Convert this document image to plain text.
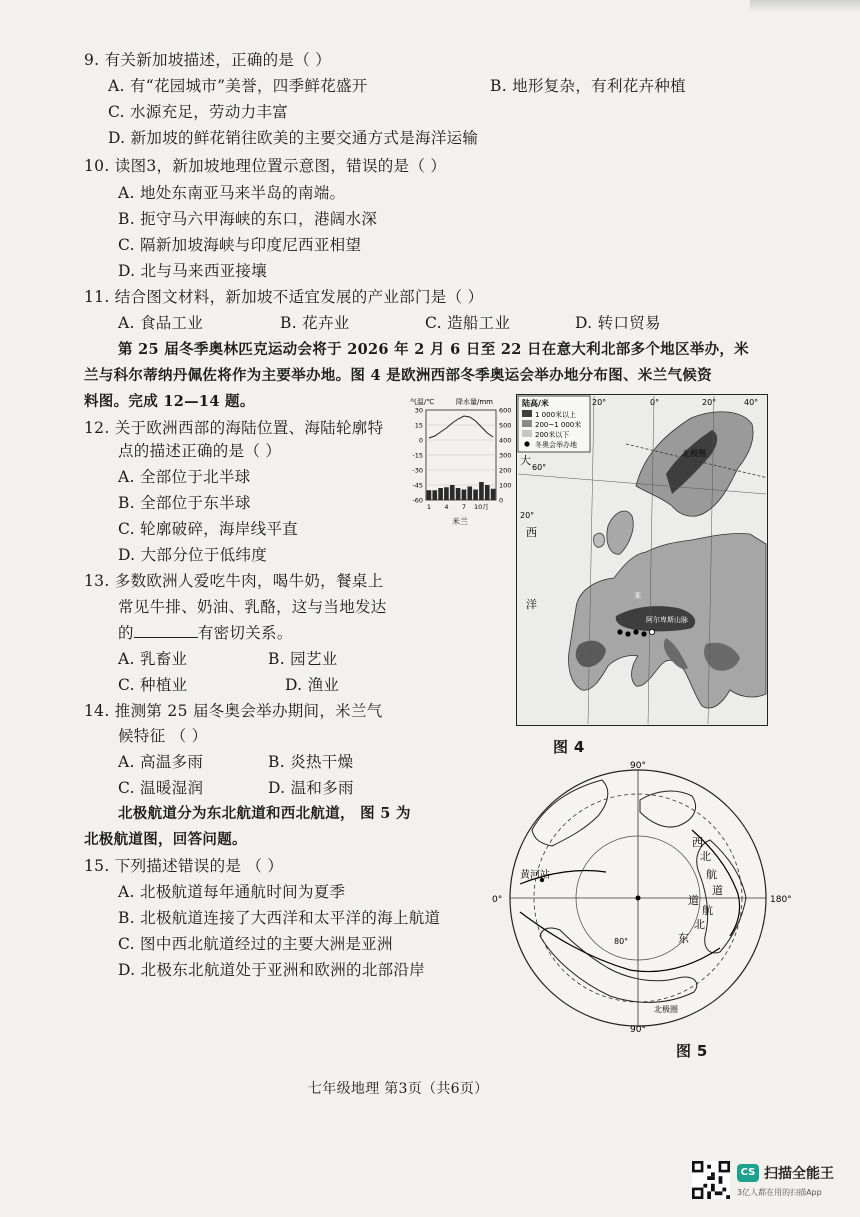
9. 有关新加坡描述，正确的是（ ）
A. 有“花园城市”美誉，四季鲜花盛开	B. 地形复杂，有利花卉种植
C. 水源充足，劳动力丰富
D. 新加坡的鲜花销往欧美的主要交通方式是海洋运输
10. 读图3，新加坡地理位置示意图，错误的是（ ）
A. 地处东南亚马来半岛的南端。
B. 扼守马六甲海峡的东口，港阔水深
C. 隔新加坡海峡与印度尼西亚相望
D. 北与马来西亚接壤
11. 结合图文材料，新加坡不适宜发展的产业部门是（ ）
A. 食品工业	B. 花卉业	C. 造船工业	D. 转口贸易
第 25 届冬季奥林匹克运动会将于 2026 年 2 月 6 日至 22 日在意大利北部多个地区举办，米
兰与科尔蒂纳丹佩佐将作为主要举办地。图 4 是欧洲西部冬季奥运会举办地分布图、米兰气候资
料图。完成 12—14 题。
12. 关于欧洲西部的海陆位置、海陆轮廓特
点的描述正确的是（ ）
A. 全部位于北半球
B. 全部位于东半球
C. 轮廓破碎，海岸线平直
D. 大部分位于低纬度
13. 多数欧洲人爱吃牛肉，喝牛奶，餐桌上
常见牛排、奶油、乳酪，这与当地发达
的	有密切关系。
A. 乳畜业	B. 园艺业
C. 种植业	D. 渔业
14. 推测第 25 届冬奥会举办期间，米兰气
候特征 （ ）
A. 高温多雨	B. 炎热干燥
C. 温暖湿润	D. 温和多雨
北极航道分为东北航道和西北航道， 图 5 为
北极航道图，回答问题。
15. 下列描述错误的是 （ ）
A. 北极航道每年通航时间为夏季
B. 北极航道连接了大西洋和太平洋的海上航道
C. 图中西北航道经过的主要大洲是亚洲
D. 北极东北航道处于亚洲和欧洲的北部沿岸
气温/℃	降水量/mm
30
15
0
-15
-30
-45
-60
600
500
400
300
200
100
0
1 4 7 10月
米兰
陆高/米
1 000米以上
200~1 000米
200米以下
冬奥会举办地
20°	0°	20°	40°
60°
20°
北极圈
大
西
洋
莱
阿尔卑斯山脉
图 4
90°
90°
0°	180°
80°
黄河站
西
北
航
道
东
北
航
道
北极圈
图 5
七年级地理 第3页（共6页）
CS 扫描全能王
3亿人都在用的扫描App
